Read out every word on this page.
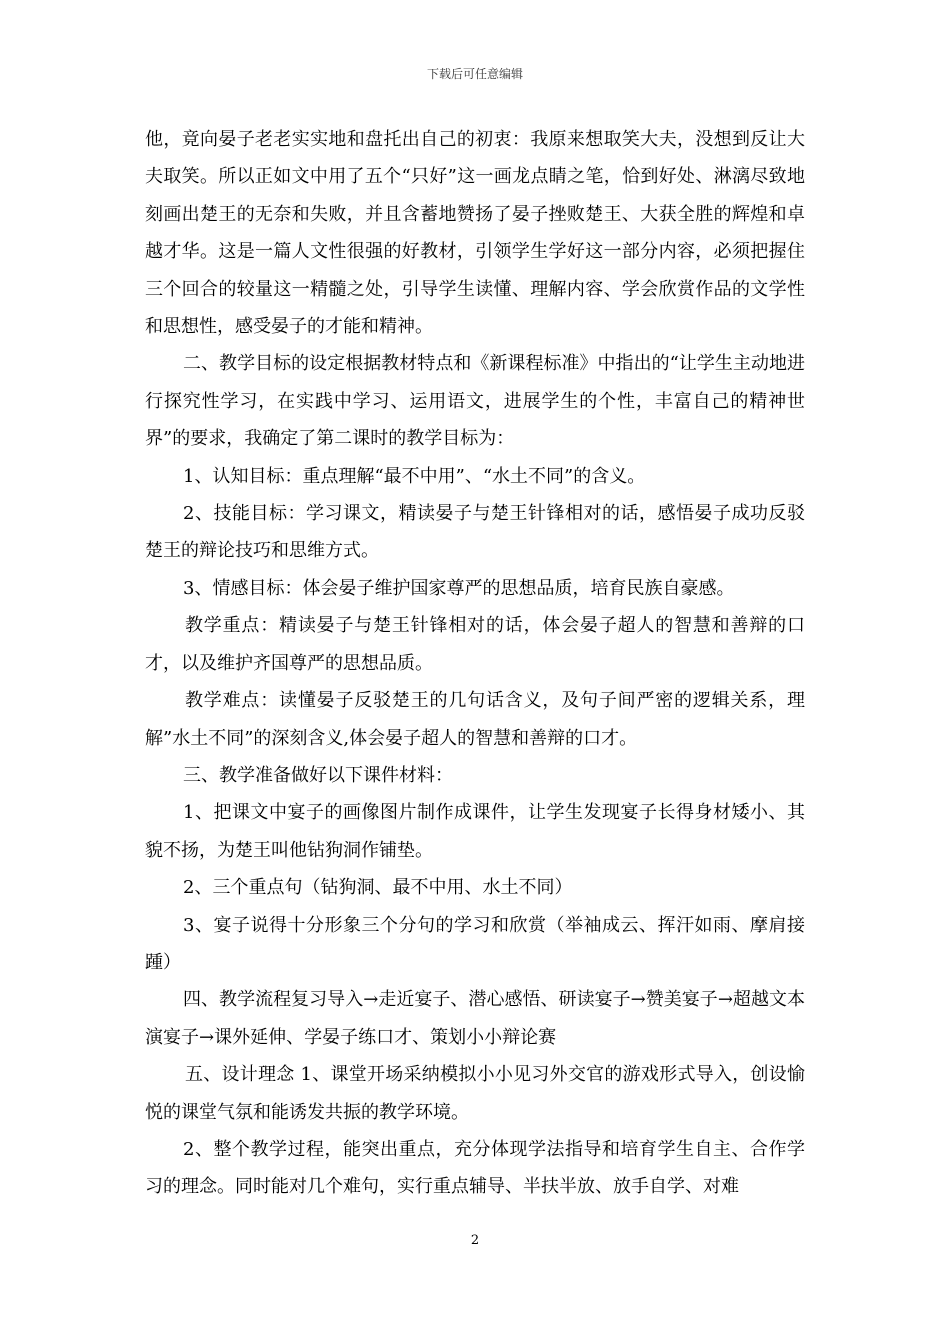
下载后可任意编辑

他，竟向晏子老老实实地和盘托出自己的初衷：我原来想取笑大夫，没想到反让大夫取笑。所以正如文中用了五个“只好”这一画龙点睛之笔，恰到好处、淋漓尽致地刻画出楚王的无奈和失败，并且含蓄地赞扬了晏子挫败楚王、大获全胜的辉煌和卓越才华。这是一篇人文性很强的好教材，引领学生学好这一部分内容，必须把握住三个回合的较量这一精髓之处，引导学生读懂、理解内容、学会欣赏作品的文学性和思想性，感受晏子的才能和精神。

二、教学目标的设定根据教材特点和《新课程标准》中指出的“让学生主动地进行探究性学习，在实践中学习、运用语文，进展学生的个性，丰富自己的精神世界”的要求，我确定了第二课时的教学目标为：

1、认知目标：重点理解“最不中用”、“水土不同”的含义。

2、技能目标：学习课文，精读晏子与楚王针锋相对的话，感悟晏子成功反驳楚王的辩论技巧和思维方式。

3、情感目标：体会晏子维护国家尊严的思想品质，培育民族自豪感。

教学重点：精读晏子与楚王针锋相对的话，体会晏子超人的智慧和善辩的口才，以及维护齐国尊严的思想品质。

教学难点：读懂晏子反驳楚王的几句话含义，及句子间严密的逻辑关系，理解”水土不同”的深刻含义,体会晏子超人的智慧和善辩的口才。

三、教学准备做好以下课件材料：

1、把课文中宴子的画像图片制作成课件，让学生发现宴子长得身材矮小、其貌不扬，为楚王叫他钻狗洞作铺垫。

2、三个重点句（钻狗洞、最不中用、水土不同）

3、宴子说得十分形象三个分句的学习和欣赏（举袖成云、挥汗如雨、摩肩接踵）

四、教学流程复习导入→走近宴子、潜心感悟、研读宴子→赞美宴子→超越文本演宴子→课外延伸、学晏子练口才、策划小小辩论赛

五、设计理念 1、课堂开场采纳模拟小小见习外交官的游戏形式导入，创设愉悦的课堂气氛和能诱发共振的教学环境。

2、整个教学过程，能突出重点，充分体现学法指导和培育学生自主、合作学习的理念。同时能对几个难句，实行重点辅导、半扶半放、放手自学、对难

2
